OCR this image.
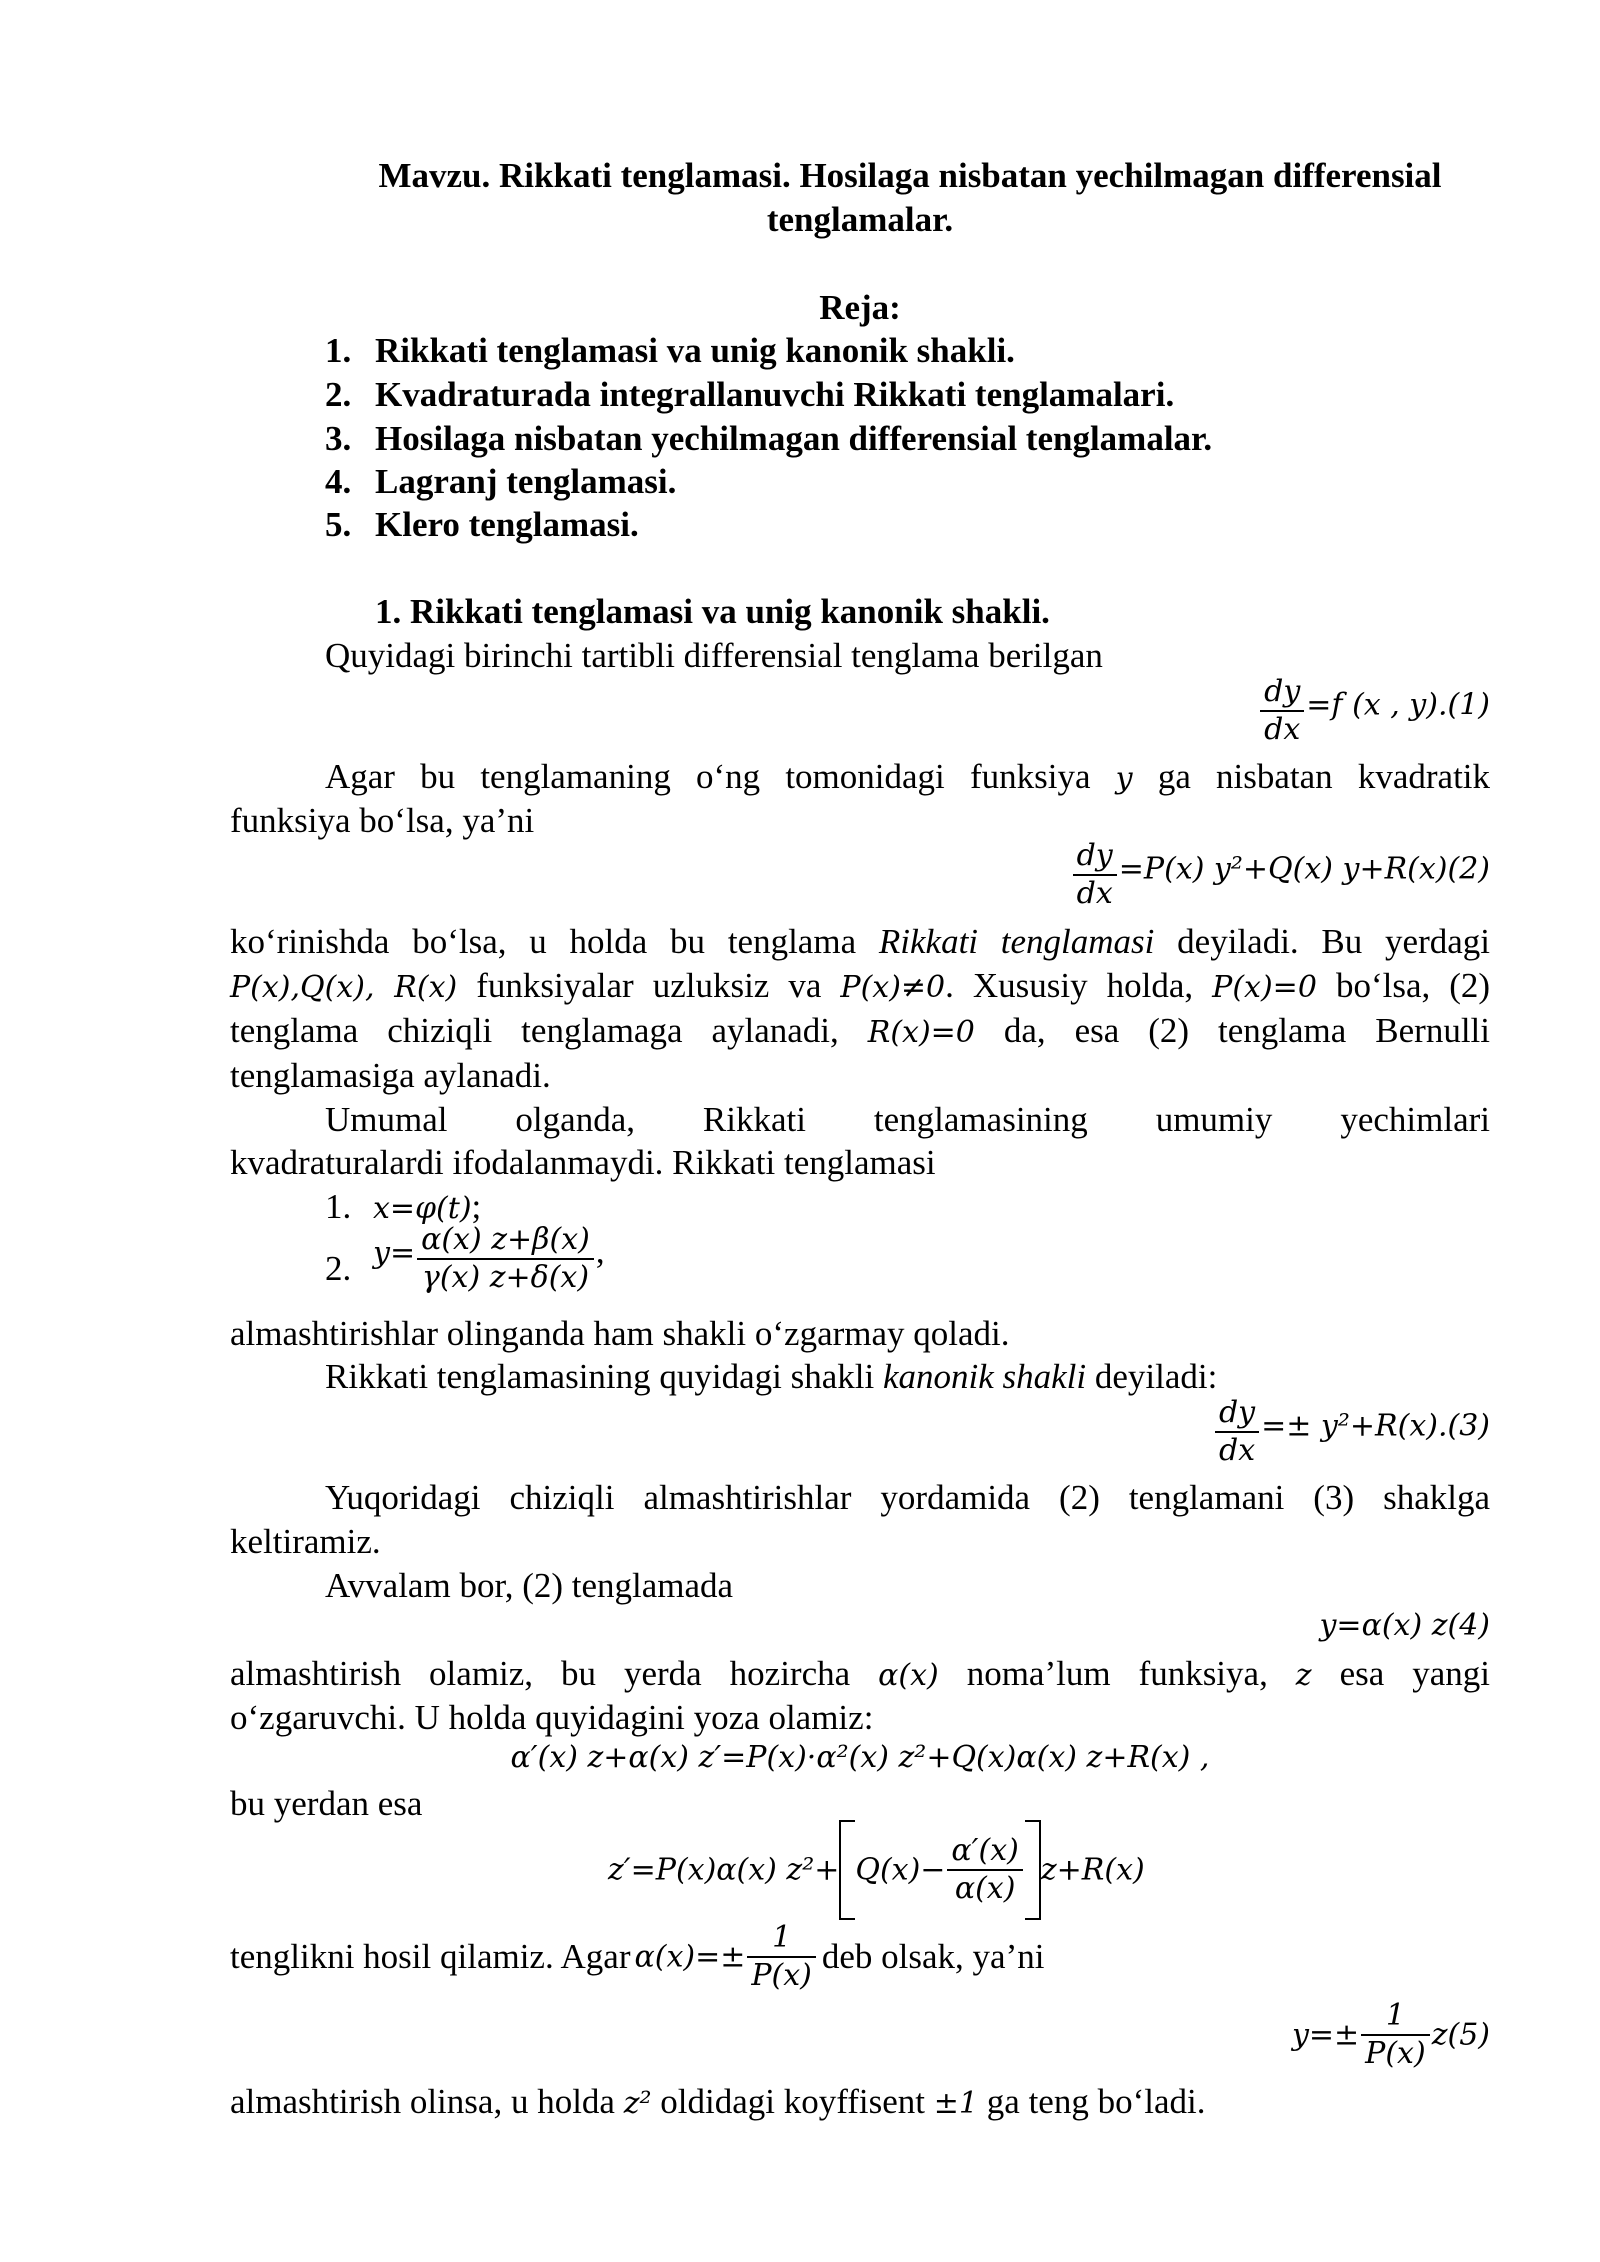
Mavzu. Rikkati tenglamasi. Hosilaga nisbatan yechilmagan differensial
tenglamalar.
Reja:
1. Rikkati tenglamasi va unig kanonik shakli.
2. Kvadraturada integrallanuvchi Rikkati tenglamalari.
3. Hosilaga nisbatan yechilmagan differensial tenglamalar.
4. Lagranj tenglamasi.
5. Klero tenglamasi.
1. Rikkati tenglamasi va unig kanonik shakli.
Quyidagi birinchi tartibli differensial tenglama berilgan
$\frac{dy}{dx} =f$ (x , y).(1)
Agar bu tenglamaning o‘ng tomonidagi funksiya y ga nisbatan kvadratik
funksiya bo‘lsa, ya’ni
$\frac{dy}{dx} =P(x)$ y²+Q(x) y+R(x)(2)
ko‘rinishda bo‘lsa, u holda bu tenglama Rikkati tenglamasi deyiladi. Bu yerdagi
P(x),Q(x), R(x) funksiyalar uzluksiz va P(x)≠0. Xususiy holda, P(x)=0 bo‘lsa, (2)
tenglama chiziqli tenglamaga aylanadi, R(x)=0 da, esa (2) tenglama Bernulli
tenglamasiga aylanadi.
Umumal olganda, Rikkati tenglamasining umumiy yechimlari
kvadraturalardi ifodalanmaydi. Rikkati tenglamasi
1. x=φ(t);
2. $y= \frac{\alpha(x) z+\beta(x)}{\gamma(x) z+\delta(x)}$ ,
almashtirishlar olinganda ham shakli o‘zgarmay qoladi.
Rikkati tenglamasining quyidagi shakli kanonik shakli deyiladi:
$\frac{dy}{dx} =\pm y^2+R(x).(3)$
Yuqoridagi chiziqli almashtirishlar yordamida (2) tenglamani (3) shaklga
keltiramiz.
Avvalam bor, (2) tenglamada
y=α(x) z(4)
almashtirish olamiz, bu yerda hozircha α(x) noma’lum funksiya, z esa yangi
o‘zgaruvchi. U holda quyidagini yoza olamiz:
α′(x) z+α(x) z′=P(x)·α²(x) z²+Q(x)α(x) z+R(x) ,
bu yerdan esa
z′=P(x)α(x) $z^2+ Q(x)- \frac{\alpha'(x)}{\alpha(x)} z+R(x)$
tenglikni hosil qilamiz. Agar $\alpha(x)=\pm \frac{1}{P(x)}$ deb olsak, ya’ni
$y=\pm \frac{1}{P(x)} z(5)$
almashtirish olinsa, u holda z² oldidagi koyffisent ±1 ga teng bo‘ladi.
